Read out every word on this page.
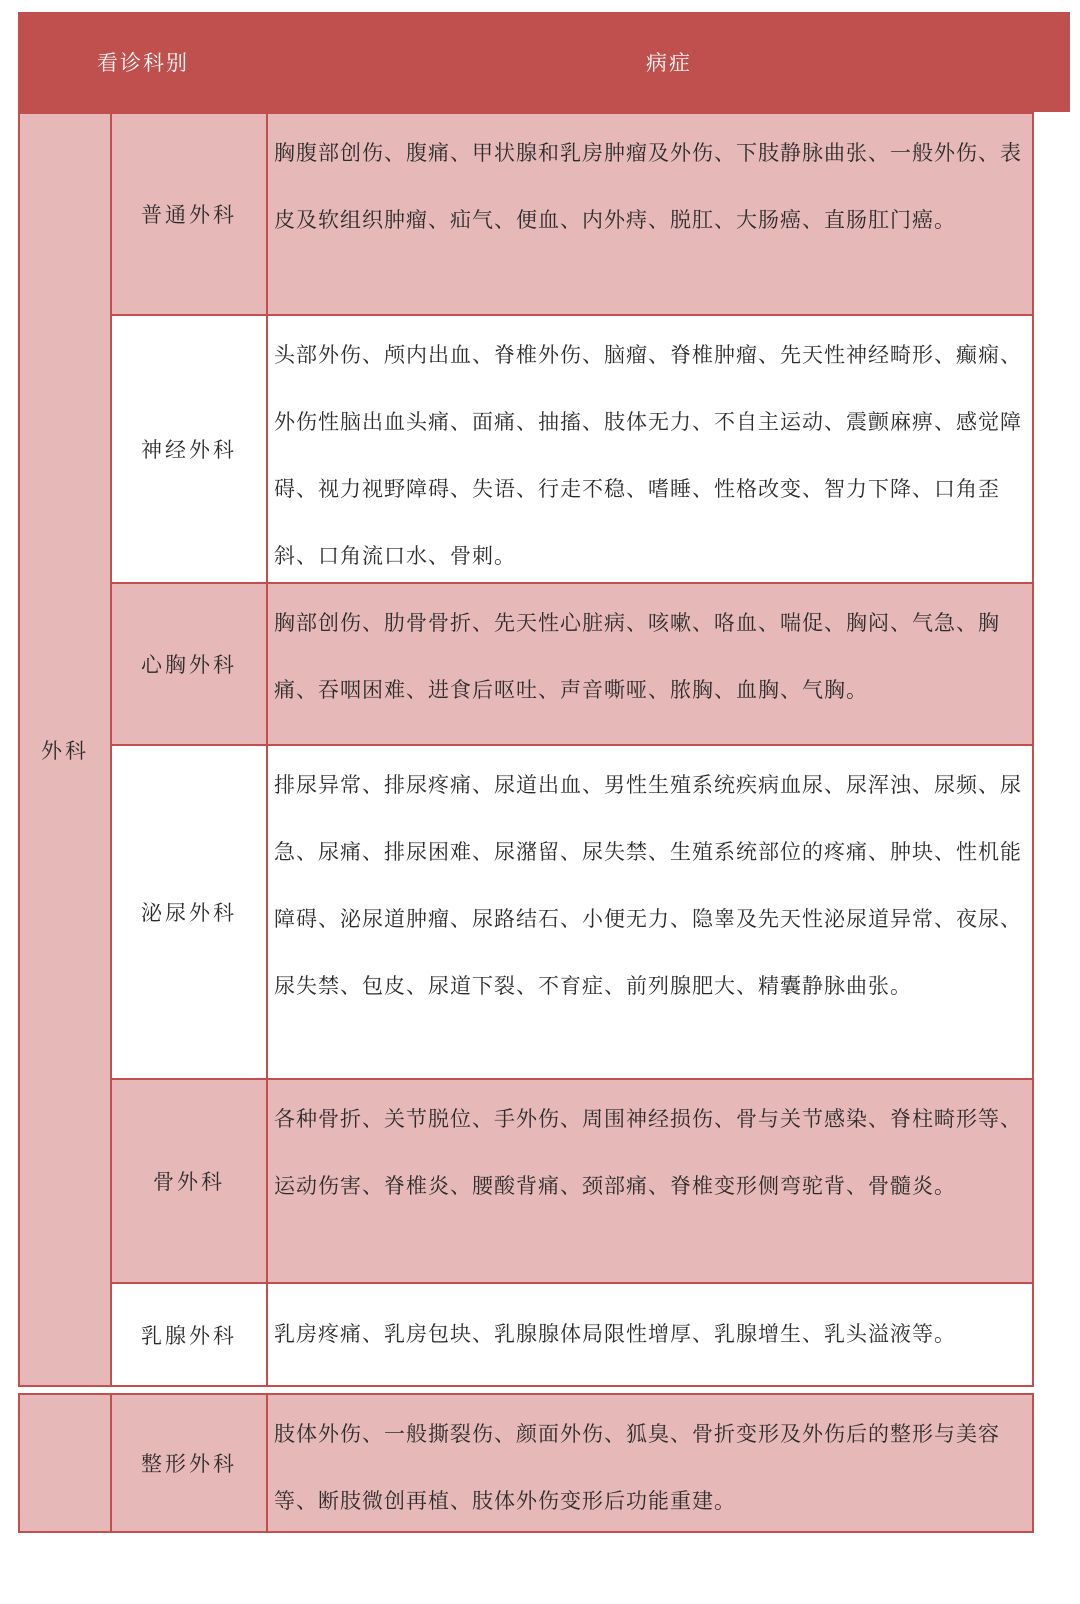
看诊科别	病症
外科
普通外科
胸腹部创伤、腹痛、甲状腺和乳房肿瘤及外伤、下肢静脉曲张、一般外伤、表皮及软组织肿瘤、疝气、便血、内外痔、脱肛、大肠癌、直肠肛门癌。
神经外科
头部外伤、颅内出血、脊椎外伤、脑瘤、脊椎肿瘤、先天性神经畸形、癫痫、外伤性脑出血头痛、面痛、抽搐、肢体无力、不自主运动、震颤麻痹、感觉障碍、视力视野障碍、失语、行走不稳、嗜睡、性格改变、智力下降、口角歪斜、口角流口水、骨刺。
心胸外科
胸部创伤、肋骨骨折、先天性心脏病、咳嗽、咯血、喘促、胸闷、气急、胸痛、吞咽困难、进食后呕吐、声音嘶哑、脓胸、血胸、气胸。
泌尿外科
排尿异常、排尿疼痛、尿道出血、男性生殖系统疾病血尿、尿浑浊、尿频、尿急、尿痛、排尿困难、尿潴留、尿失禁、生殖系统部位的疼痛、肿块、性机能障碍、泌尿道肿瘤、尿路结石、小便无力、隐睾及先天性泌尿道异常、夜尿、尿失禁、包皮、尿道下裂、不育症、前列腺肥大、精囊静脉曲张。
骨外科
各种骨折、关节脱位、手外伤、周围神经损伤、骨与关节感染、脊柱畸形等、运动伤害、脊椎炎、腰酸背痛、颈部痛、脊椎变形侧弯驼背、骨髓炎。
乳腺外科	乳房疼痛、乳房包块、乳腺腺体局限性增厚、乳腺增生、乳头溢液等。
整形外科
肢体外伤、一般撕裂伤、颜面外伤、狐臭、骨折变形及外伤后的整形与美容等、断肢微创再植、肢体外伤变形后功能重建。
